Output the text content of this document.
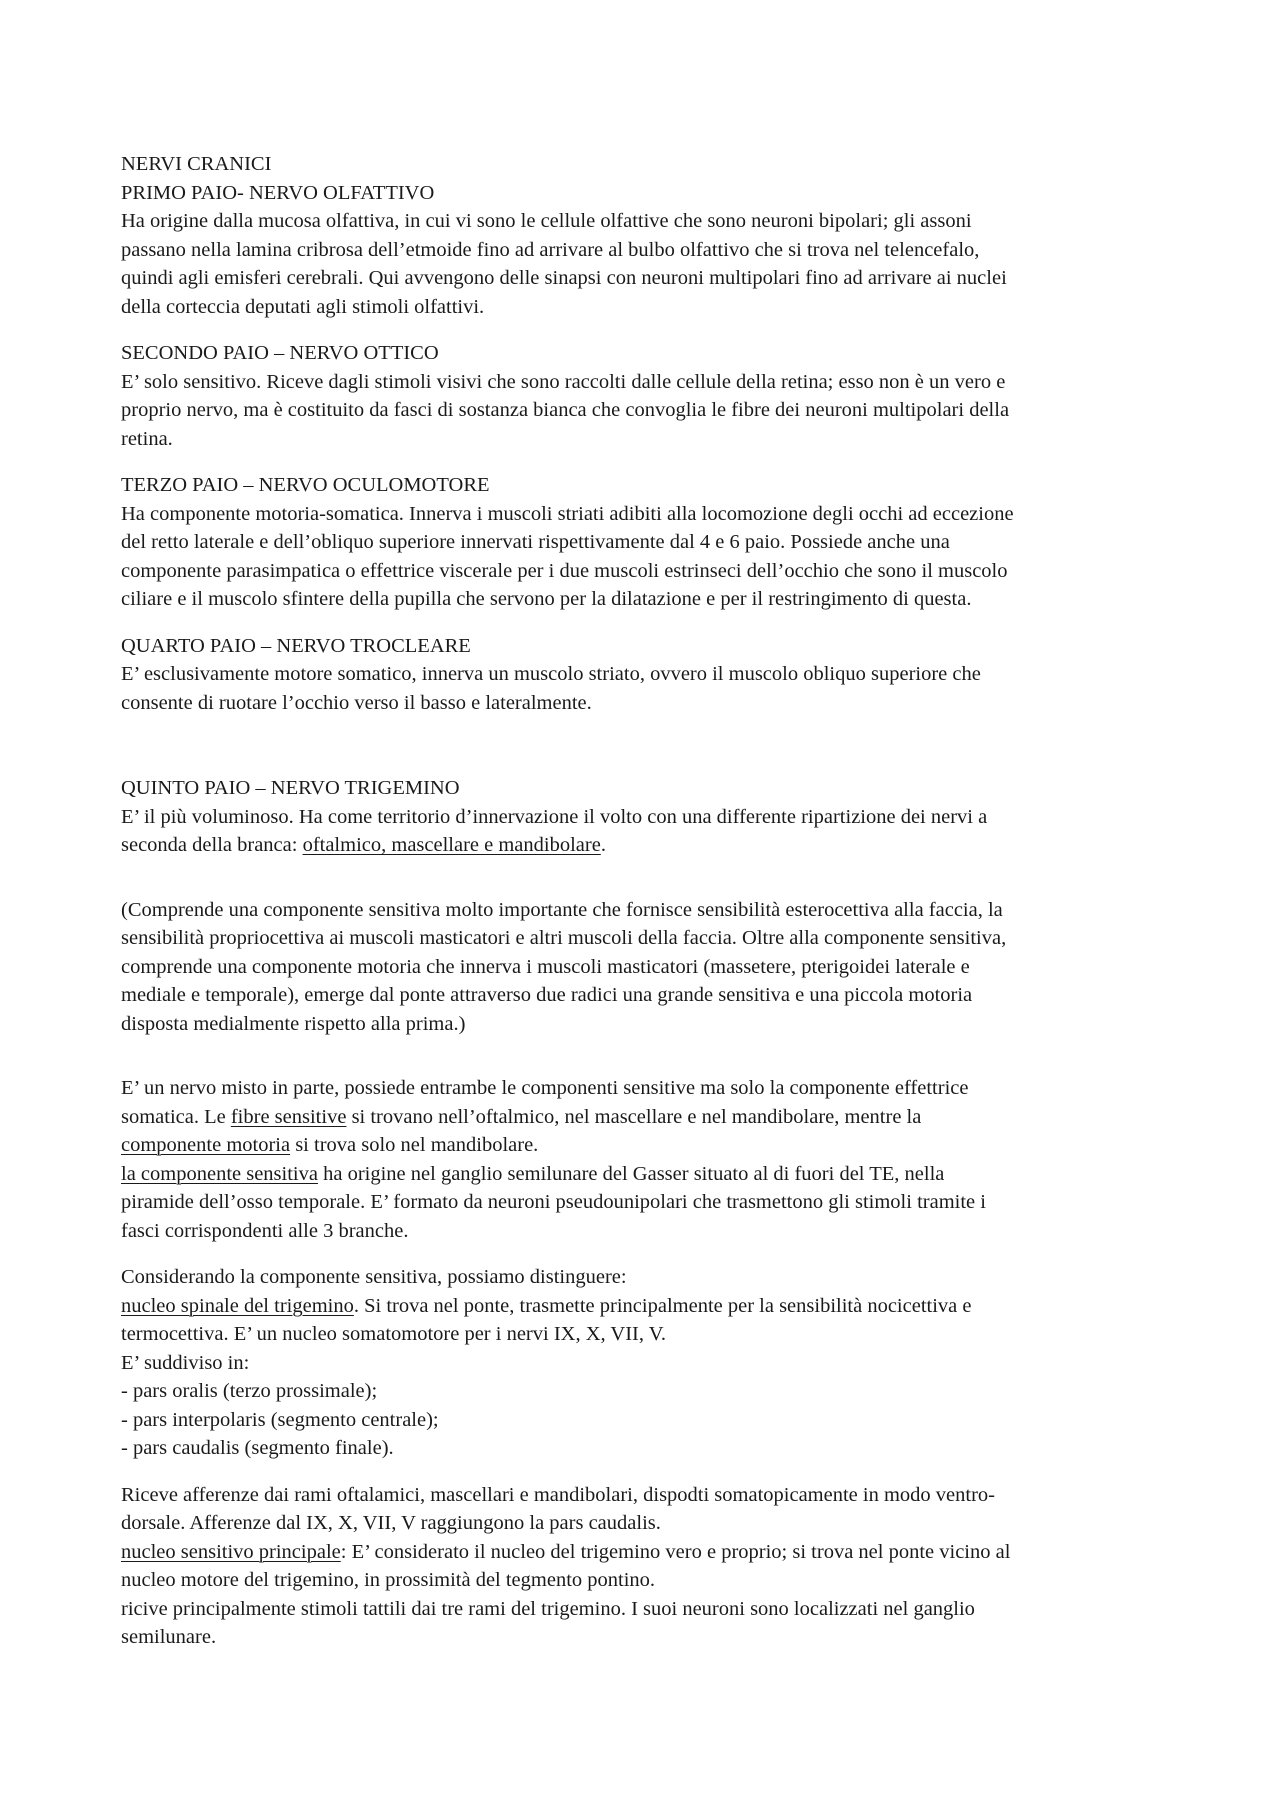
NERVI CRANICI
PRIMO PAIO- NERVO OLFATTIVO
Ha origine dalla mucosa olfattiva, in cui vi sono le cellule olfattive che sono neuroni bipolari; gli assoni
passano nella lamina cribrosa dell’etmoide fino ad arrivare al bulbo olfattivo che si trova nel telencefalo,
quindi agli emisferi cerebrali. Qui avvengono delle sinapsi con neuroni multipolari fino ad arrivare ai nuclei
della corteccia deputati agli stimoli olfattivi.
SECONDO PAIO – NERVO OTTICO
E’ solo sensitivo. Riceve dagli stimoli visivi che sono raccolti dalle cellule della retina; esso non è un vero e
proprio nervo, ma è costituito da fasci di sostanza bianca che convoglia le fibre dei neuroni multipolari della
retina.
TERZO PAIO – NERVO OCULOMOTORE
Ha componente motoria-somatica. Innerva i muscoli striati adibiti alla locomozione degli occhi ad eccezione
del retto laterale e dell’obliquo superiore innervati rispettivamente dal 4 e 6 paio. Possiede anche una
componente parasimpatica o effettrice viscerale per i due muscoli estrinseci dell’occhio che sono il muscolo
ciliare e il muscolo sfintere della pupilla che servono per la dilatazione e per il restringimento di questa.
QUARTO PAIO – NERVO TROCLEARE
E’ esclusivamente motore somatico, innerva un muscolo striato, ovvero il muscolo obliquo superiore che
consente di ruotare l’occhio verso il basso e lateralmente.
QUINTO PAIO – NERVO TRIGEMINO
E’ il più voluminoso. Ha come territorio d’innervazione il volto con una differente ripartizione dei nervi a
seconda della branca: oftalmico, mascellare e mandibolare.
(Comprende una componente sensitiva molto importante che fornisce sensibilità esterocettiva alla faccia, la
sensibilità propriocettiva ai muscoli masticatori e altri muscoli della faccia. Oltre alla componente sensitiva,
comprende una componente motoria che innerva i muscoli masticatori (massetere, pterigoidei laterale e
mediale e temporale), emerge dal ponte attraverso due radici una grande sensitiva e una piccola motoria
disposta medialmente rispetto alla prima.)
E’ un nervo misto in parte, possiede entrambe le componenti sensitive ma solo la componente effettrice
somatica. Le fibre sensitive si trovano nell’oftalmico, nel mascellare e nel mandibolare, mentre la
componente motoria si trova solo nel mandibolare.
la componente sensitiva ha origine nel ganglio semilunare del Gasser situato al di fuori del TE, nella
piramide dell’osso temporale. E’ formato da neuroni pseudounipolari che trasmettono gli stimoli tramite i
fasci corrispondenti alle 3 branche.
Considerando la componente sensitiva, possiamo distinguere:
nucleo spinale del trigemino. Si trova nel ponte, trasmette principalmente per la sensibilità nocicettiva e
termocettiva. E’ un nucleo somatomotore per i nervi IX, X, VII, V.
E’ suddiviso in:
- pars oralis (terzo prossimale);
- pars interpolaris (segmento centrale);
- pars caudalis (segmento finale).
Riceve afferenze dai rami oftalamici, mascellari e mandibolari, dispodti somatopicamente in modo ventro-
dorsale. Afferenze dal IX, X, VII, V raggiungono la pars caudalis.
nucleo sensitivo principale: E’ considerato il nucleo del trigemino vero e proprio; si trova nel ponte vicino al
nucleo motore del trigemino, in prossimità del tegmento pontino.
ricive principalmente stimoli tattili dai tre rami del trigemino. I suoi neuroni sono localizzati nel ganglio
semilunare.
